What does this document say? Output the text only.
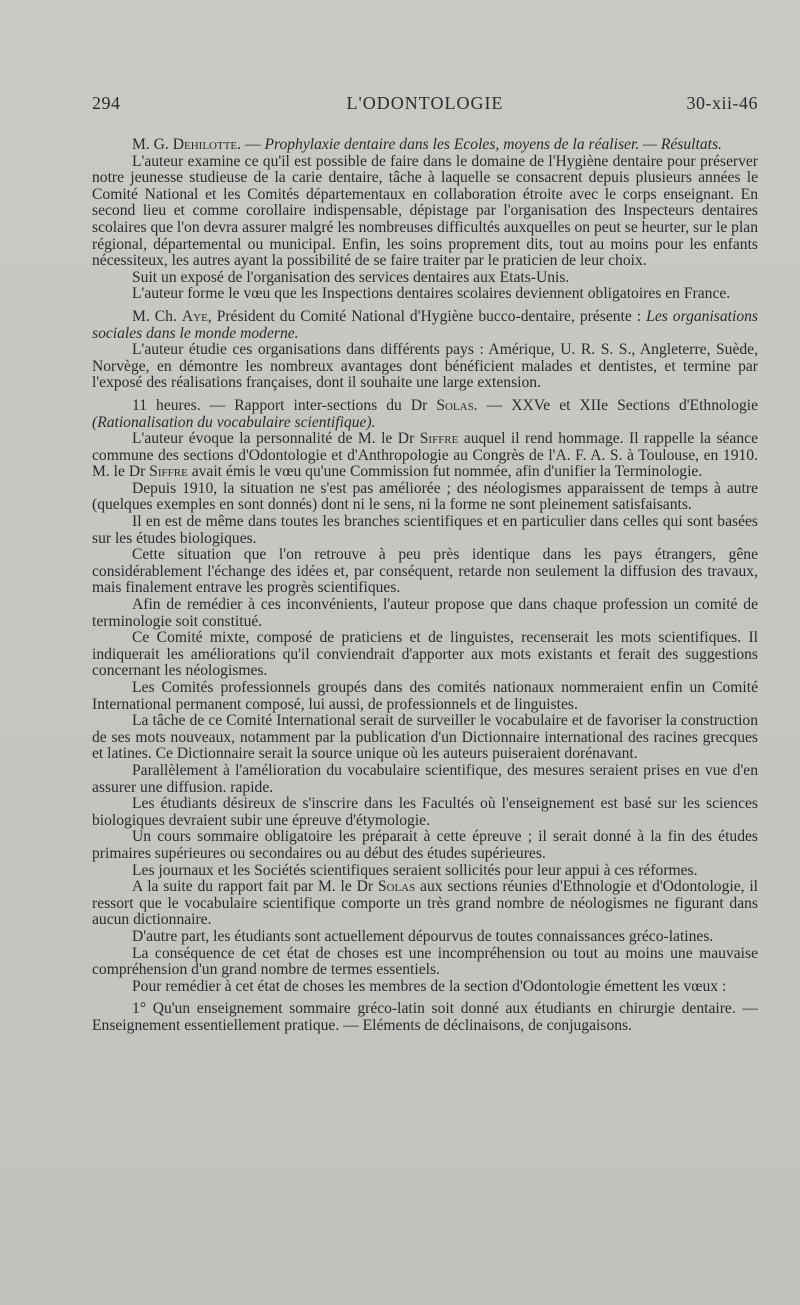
294	L'ODONTOLOGIE	30-xii-46

M. G. Dehilotte. — Prophylaxie dentaire dans les Ecoles, moyens de la réaliser. — Résultats.

L'auteur examine ce qu'il est possible de faire dans le domaine de l'Hygiène dentaire pour préserver notre jeunesse studieuse de la carie dentaire, tâche à laquelle se consacrent depuis plusieurs années le Comité National et les Comités départementaux en collaboration étroite avec le corps enseignant. En second lieu et comme corollaire indispensable, dépistage par l'organisation des Inspecteurs dentaires scolaires que l'on devra assurer malgré les nombreuses difficultés auxquelles on peut se heurter, sur le plan régional, départemental ou municipal. Enfin, les soins proprement dits, tout au moins pour les enfants nécessiteux, les autres ayant la possibilité de se faire traiter par le praticien de leur choix.

Suit un exposé de l'organisation des services dentaires aux Etats-Unis.

L'auteur forme le vœu que les Inspections dentaires scolaires deviennent obligatoires en France.

M. Ch. Aye, Président du Comité National d'Hygiène bucco-dentaire, présente : Les organisations sociales dans le monde moderne.

L'auteur étudie ces organisations dans différents pays : Amérique, U. R. S. S., Angleterre, Suède, Norvège, en démontre les nombreux avantages dont bénéficient malades et dentistes, et termine par l'exposé des réalisations françaises, dont il souhaite une large extension.

11 heures. — Rapport inter-sections du Dr Solas. — XXVe et XIIe Sections d'Ethnologie (Rationalisation du vocabulaire scientifique).

L'auteur évoque la personnalité de M. le Dr Siffre auquel il rend hommage. Il rappelle la séance commune des sections d'Odontologie et d'Anthropologie au Congrès de l'A. F. A. S. à Toulouse, en 1910. M. le Dr Siffre avait émis le vœu qu'une Commission fut nommée, afin d'unifier la Terminologie.

Depuis 1910, la situation ne s'est pas améliorée ; des néologismes apparaissent de temps à autre (quelques exemples en sont donnés) dont ni le sens, ni la forme ne sont pleinement satisfaisants.

Il en est de même dans toutes les branches scientifiques et en particulier dans celles qui sont basées sur les études biologiques.

Cette situation que l'on retrouve à peu près identique dans les pays étrangers, gêne considérablement l'échange des idées et, par conséquent, retarde non seulement la diffusion des travaux, mais finalement entrave les progrès scientifiques.

Afin de remédier à ces inconvénients, l'auteur propose que dans chaque profession un comité de terminologie soit constitué.

Ce Comité mixte, composé de praticiens et de linguistes, recenserait les mots scientifiques. Il indiquerait les améliorations qu'il conviendrait d'apporter aux mots existants et ferait des suggestions concernant les néologismes.

Les Comités professionnels groupés dans des comités nationaux nommeraient enfin un Comité International permanent composé, lui aussi, de professionnels et de linguistes.

La tâche de ce Comité International serait de surveiller le vocabulaire et de favoriser la construction de ses mots nouveaux, notamment par la publication d'un Dictionnaire international des racines grecques et latines. Ce Dictionnaire serait la source unique où les auteurs puiseraient dorénavant.

Parallèlement à l'amélioration du vocabulaire scientifique, des mesures seraient prises en vue d'en assurer une diffusion. rapide.

Les étudiants désireux de s'inscrire dans les Facultés où l'enseignement est basé sur les sciences biologiques devraient subir une épreuve d'étymologie.

Un cours sommaire obligatoire les préparait à cette épreuve ; il serait donné à la fin des études primaires supérieures ou secondaires ou au début des études supérieures.

Les journaux et les Sociétés scientifiques seraient sollicités pour leur appui à ces réformes.

A la suite du rapport fait par M. le Dr Solas aux sections réunies d'Ethnologie et d'Odontologie, il ressort que le vocabulaire scientifique comporte un très grand nombre de néologismes ne figurant dans aucun dictionnaire.

D'autre part, les étudiants sont actuellement dépourvus de toutes connaissances gréco-latines.

La conséquence de cet état de choses est une incompréhension ou tout au moins une mauvaise compréhension d'un grand nombre de termes essentiels.

Pour remédier à cet état de choses les membres de la section d'Odontologie émettent les vœux :

1° Qu'un enseignement sommaire gréco-latin soit donné aux étudiants en chirurgie dentaire. — Enseignement essentiellement pratique. — Eléments de déclinaisons, de conjugaisons.
